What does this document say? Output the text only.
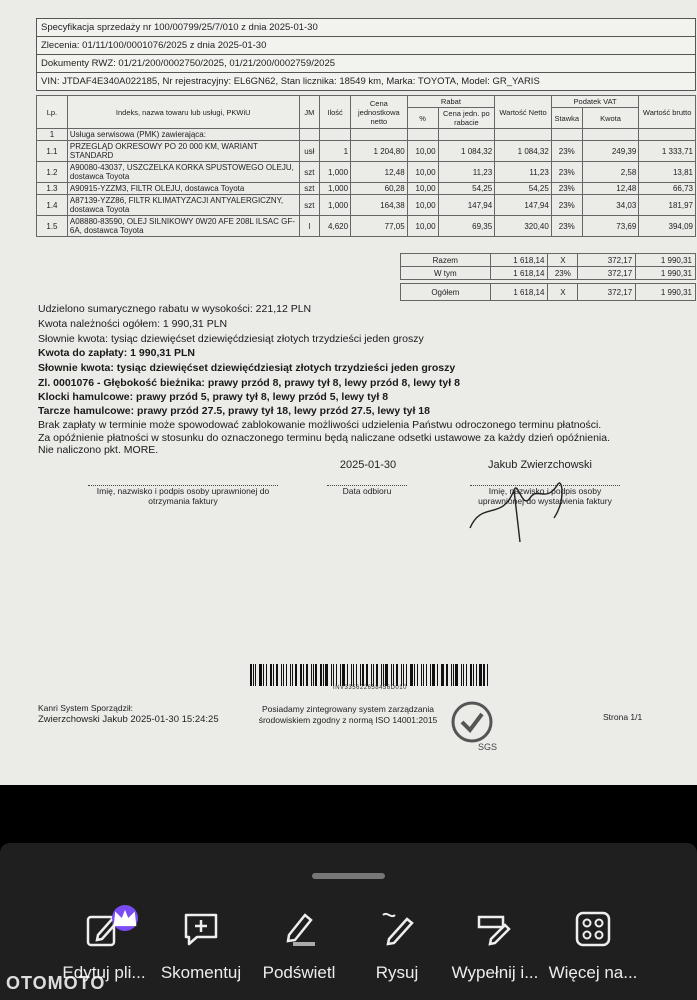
Specyfikacja sprzedaży nr 100/00799/25/7/010 z dnia 2025-01-30
Zlecenia: 01/11/100/0001076/2025 z dnia 2025-01-30
Dokumenty RWZ: 01/21/200/0002750/2025, 01/21/200/0002759/2025
VIN: JTDAF4E340A022185, Nr rejestracyjny: EL6GN62, Stan licznika: 18549 km, Marka: TOYOTA, Model: GR_YARIS
Lp.	Indeks, nazwa towaru lub usługi, PKWiU	JM	Ilość	Cena jednostkowa netto	Rabat		Wartość Netto	Podatek VAT		Wartość brutto
					%	Cena jedn. po rabacie		Stawka	Kwota	
1	Usługa serwisowa (PMK) zawierająca:									
1.1	PRZEGLĄD OKRESOWY PO 20 000 KM, WARIANT STANDARD	usł	1	1 204,80	10,00	1 084,32	1 084,32	23%	249,39	1 333,71
1.2	A90080-43037, USZCZELKA KORKA SPUSTOWEGO OLEJU, dostawca Toyota	szt	1,000	12,48	10,00	11,23	11,23	23%	2,58	13,81
1.3	A90915-YZZM3, FILTR OLEJU, dostawca Toyota	szt	1,000	60,28	10,00	54,25	54,25	23%	12,48	66,73
1.4	A87139-YZZ86, FILTR KLIMATYZACJI ANTYALERGICZNY, dostawca Toyota	szt	1,000	164,38	10,00	147,94	147,94	23%	34,03	181,97
1.5	A08880-83590, OLEJ SILNIKOWY 0W20 AFE 208L ILSAC GF-6A, dostawca Toyota	l	4,620	77,05	10,00	69,35	320,40	23%	73,69	394,09
Razem	1 618,14	X	372,17	1 990,31
W tym	1 618,14	23%	372,17	1 990,31
Ogółem	1 618,14	X	372,17	1 990,31
Udzielono sumarycznego rabatu w wysokości: 221,12 PLN
Kwota należności ogółem: 1 990,31 PLN
Słownie kwota: tysiąc dziewięćset dziewięćdziesiąt złotych trzydzieści jeden groszy
Kwota do zapłaty: 1 990,31 PLN
Słownie kwota: tysiąc dziewięćset dziewięćdziesiąt złotych trzydzieści jeden groszy
Zl. 0001076 - Głębokość bieżnika: prawy przód 8, prawy tył 8, lewy przód 8, lewy tył 8
Klocki hamulcowe: prawy przód 5, prawy tył 8, lewy przód 5, lewy tył 8
Tarcze hamulcowe: prawy przód 27.5, prawy tył 18, lewy przód 27.5, lewy tył 18
Brak zapłaty w terminie może spowodować zablokowanie możliwości udzielenia Państwu odroczonego terminu płatności.
Za opóźnienie płatności w stosunku do oznaczonego terminu będą naliczane odsetki ustawowe za każdy dzień opóźnienia.
Nie naliczono pkt. MORE.
Imię, nazwisko i podpis osoby uprawnionej do otrzymania faktury
2025-01-30
Data odbioru
Jakub Zwierzchowski
Imię, nazwisko i podpis osoby uprawnionej do wystawienia faktury
INV335622658456D010
Kanri System Sporządził:
Zwierzchowski Jakub 2025-01-30 15:24:25
Posiadamy zintegrowany system zarządzania środowiskiem zgodny z normą ISO 14001:2015
SGS
Strona 1/1
Edytuj pli... Skomentuj	Podświetl	Rysuj	Wypełnij i... Więcej na...
OTOMOTO
